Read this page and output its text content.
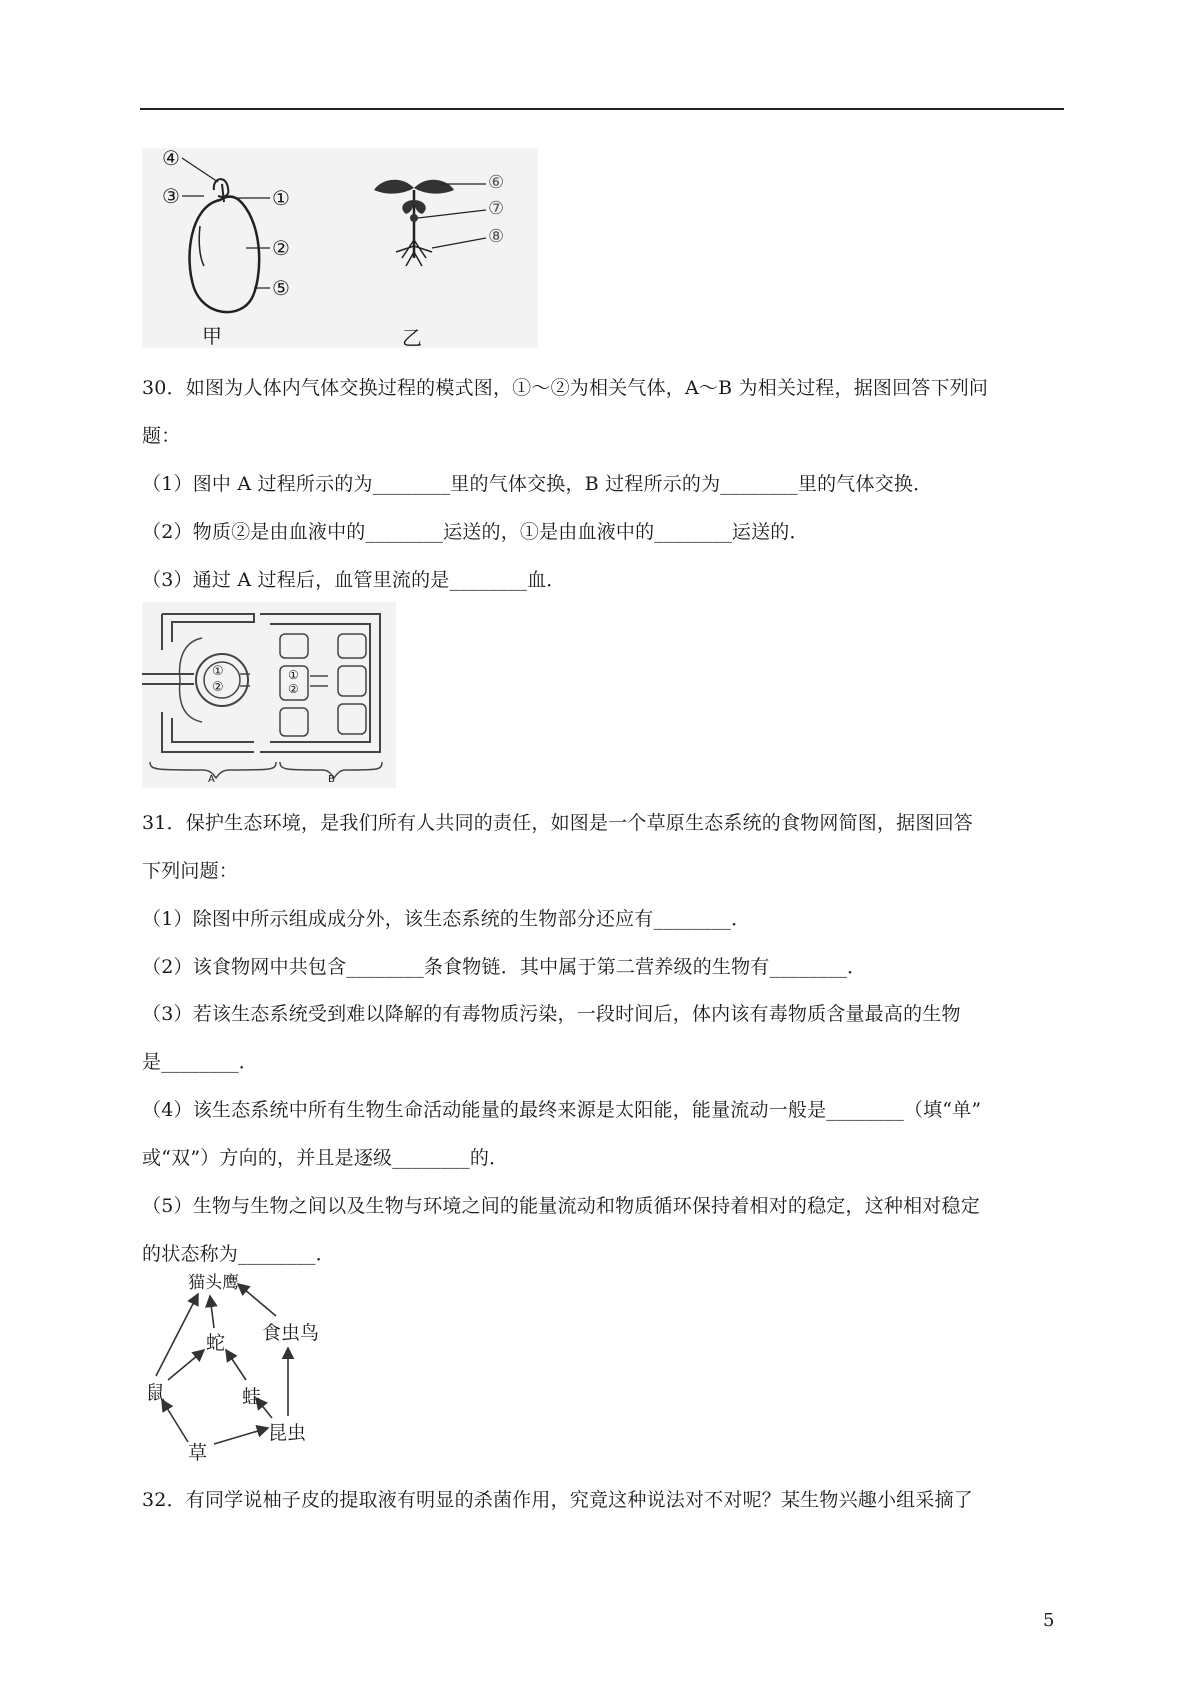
④
③	①
②
⑤
⑥
⑦
⑧
甲	乙
30．如图为人体内气体交换过程的模式图，①～②为相关气体，A～B 为相关过程，据图回答下列问
题：
（1）图中 A 过程所示的为________里的气体交换，B 过程所示的为________里的气体交换．
（2）物质②是由血液中的________运送的，①是由血液中的________运送的．
（3）通过 A 过程后，血管里流的是________血．
①
②
①
②
A	B
31．保护生态环境，是我们所有人共同的责任，如图是一个草原生态系统的食物网简图，据图回答
下列问题：
（1）除图中所示组成成分外，该生态系统的生物部分还应有________．
（2）该食物网中共包含________条食物链．其中属于第二营养级的生物有________．
（3）若该生态系统受到难以降解的有毒物质污染，一段时间后，体内该有毒物质含量最高的生物
是________．
（4）该生态系统中所有生物生命活动能量的最终来源是太阳能，能量流动一般是________（填“单”
或“双”）方向的，并且是逐级________的．
（5）生物与生物之间以及生物与环境之间的能量流动和物质循环保持着相对的稳定，这种相对稳定
的状态称为________．
猫头鹰
蛇 食虫鸟
鼠	蛙
昆虫
草
32．有同学说柚子皮的提取液有明显的杀菌作用，究竟这种说法对不对呢？某生物兴趣小组采摘了
5
